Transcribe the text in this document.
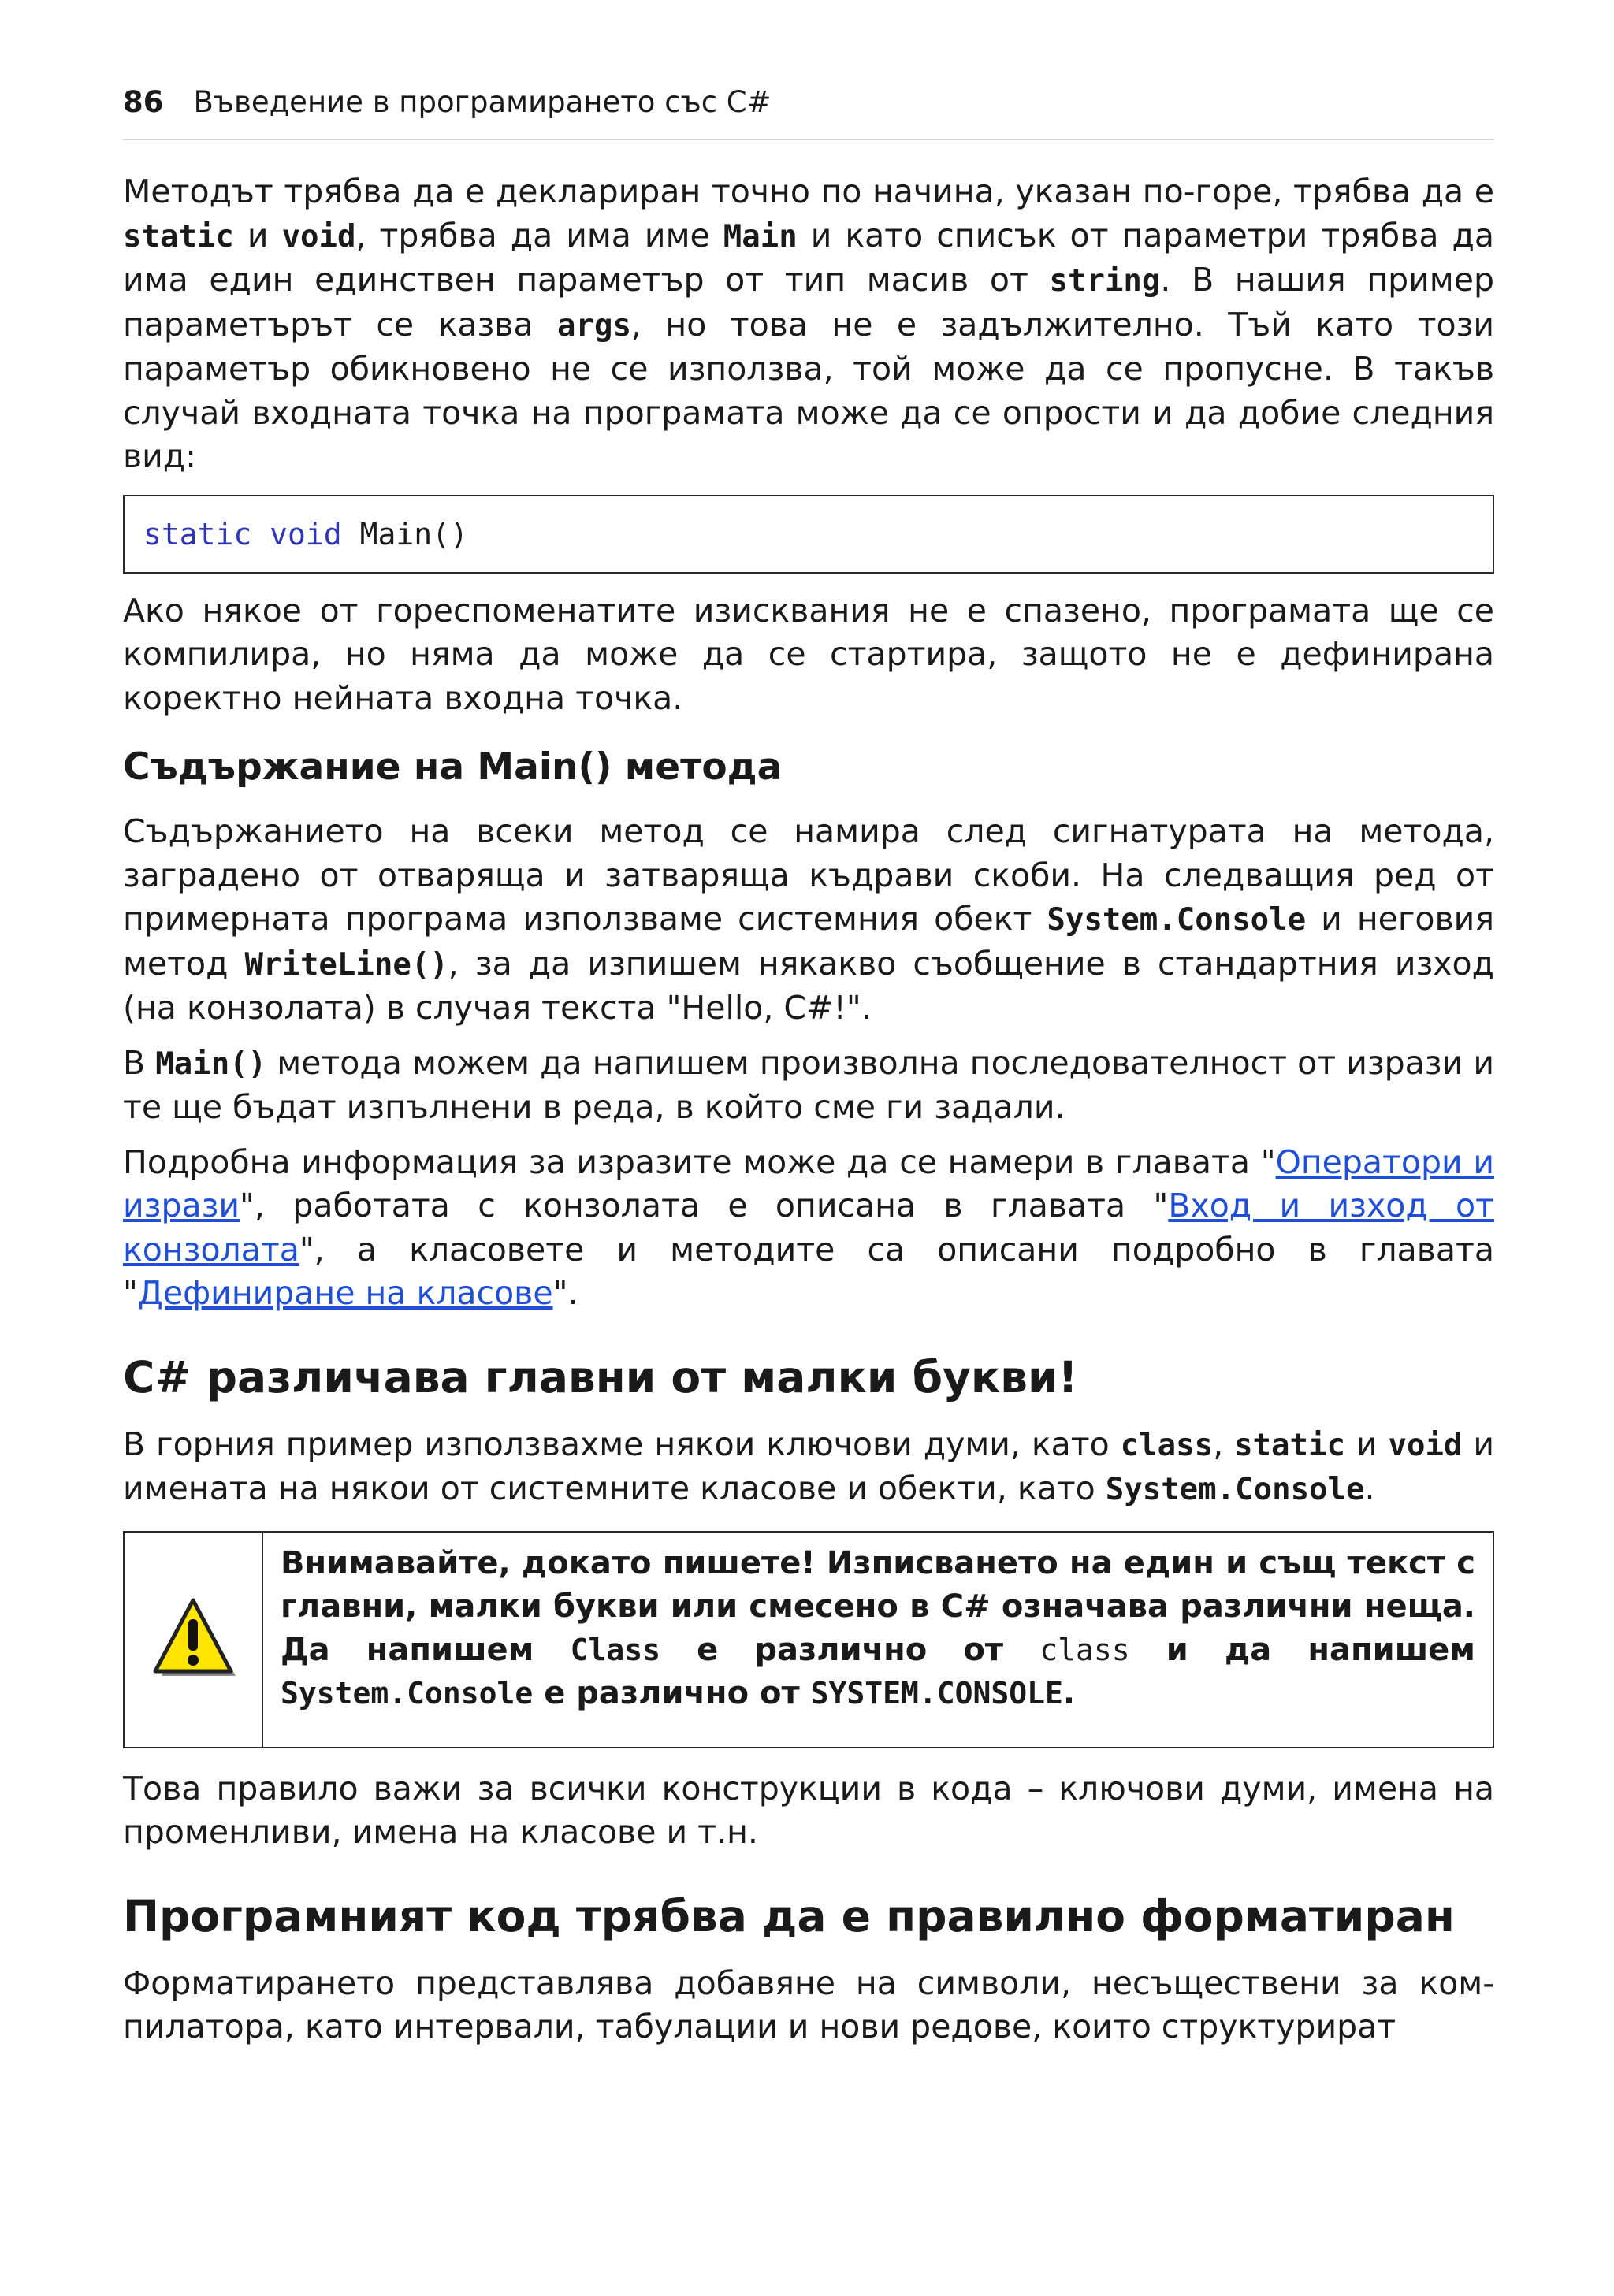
86 Въведение в програмирането със C#

Методът трябва да е деклариран точно по начина, указан по-горе, трябва да е static и void, трябва да има име Main и като списък от параметри трябва да има един единствен параметър от тип масив от string. В нашия пример параметърът се казва args, но това не е задължително. Тъй като този параметър обикновено не се използва, той може да се пропусне. В такъв случай входната точка на програмата може да се опрости и да добие следния вид:

static
void
Main()

Ако някое от гореспоменатите изисквания не е спазено, програмата ще се компилира, но няма да може да се стартира, защото не е дефинирана коректно нейната входна точка.

Съдържание на Main() метода

Съдържанието на всеки метод се намира след сигнатурата на метода, заградено от отваряща и затваряща къдрави скоби. На следващия ред от примерната програма използваме системния обект System.Console и неговия метод WriteLine(), за да изпишем някакво съобщение в стандартния изход (на конзолата) в случая текста "Hello, C#!".

В Main() метода можем да напишем произволна последователност от изрази и те ще бъдат изпълнени в реда, в който сме ги задали.

Подробна информация за изразите може да се намери в главата "Оператори и изрази", работата с конзолата е описана в главата "Вход и изход от конзолата", а класовете и методите са описани подробно в главата "Дефиниране на класове".

C# различава главни от малки букви!

В горния пример използвахме някои ключови думи, като class, static и void и имената на някои от системните класове и обекти, като System.Console.

Внимавайте, докато пишете! Изписването на един и същ текст с главни, малки букви или смесено в C# означава различни неща. Да напишем Class е различно от class и да напишем System.Console е различно от SYSTEM.CONSOLE.

Това правило важи за всички конструкции в кода – ключови думи, имена на променливи, имена на класове и т.н.

Програмният код трябва да е правилно форматиран

Форматирането представлява добавяне на символи, несъществени за компилатора, като интервали, табулации и нови редове, които структурират
